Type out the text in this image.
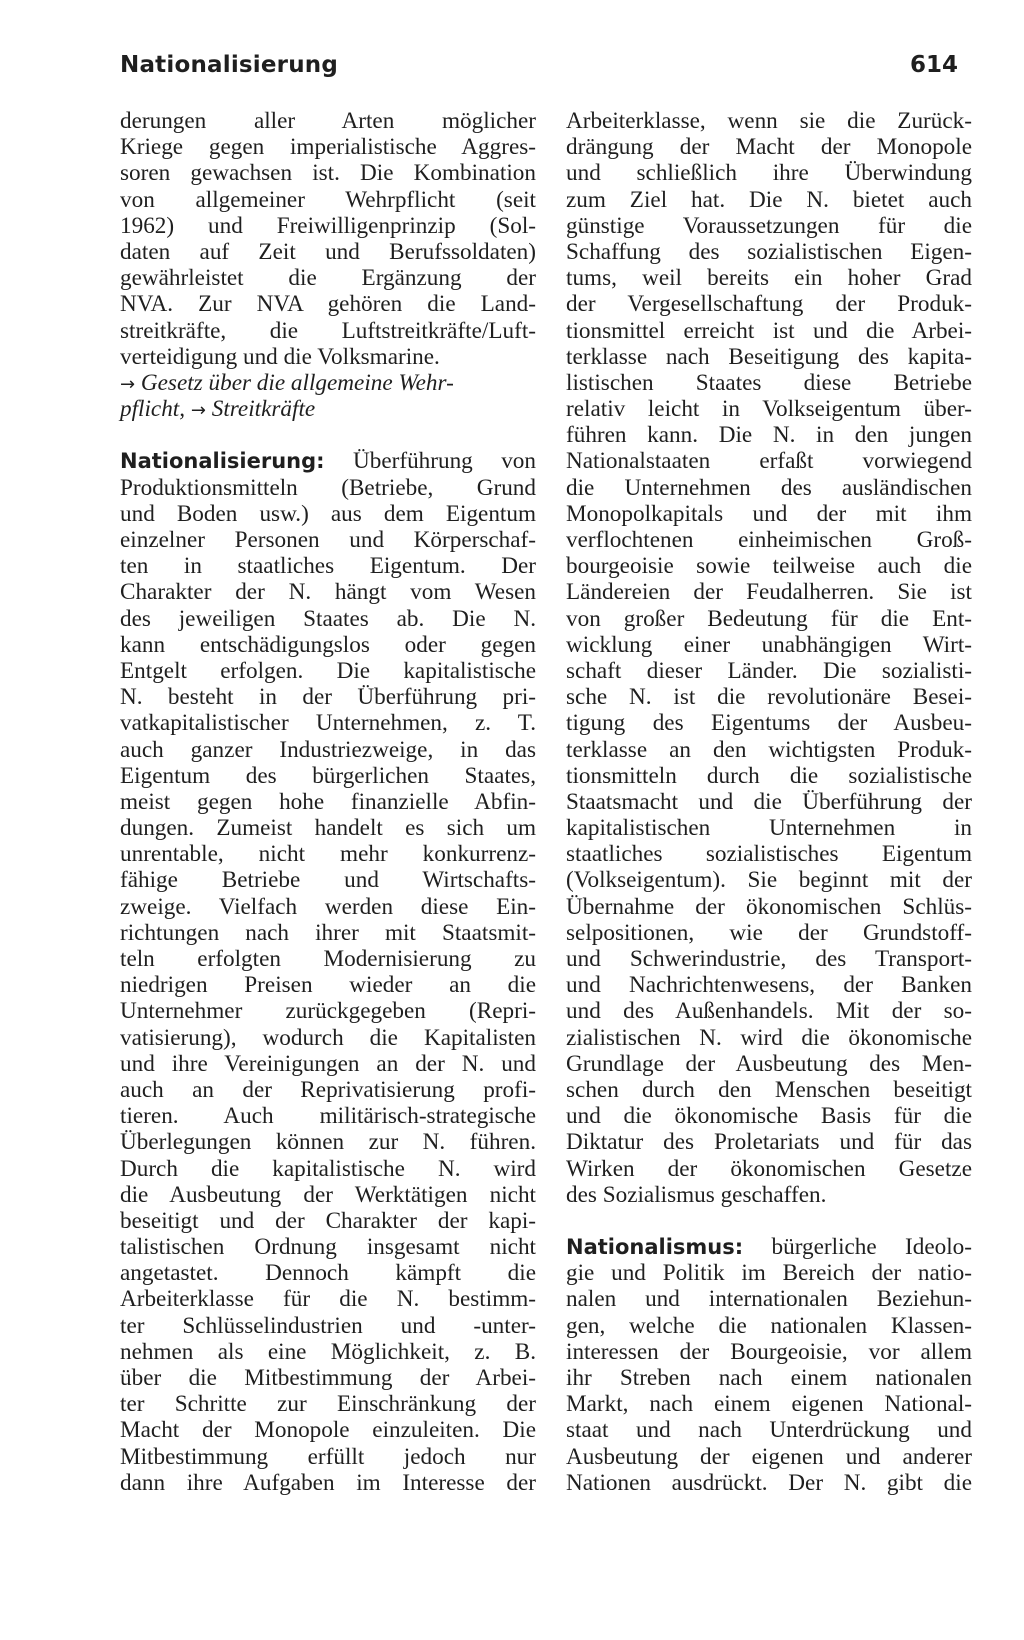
Nationalisierung	614
derungen aller Arten möglicher
Kriege gegen imperialistische Aggres-
soren gewachsen ist. Die Kombination
von allgemeiner Wehrpflicht (seit
1962) und Freiwilligenprinzip (Sol-
daten auf Zeit und Berufssoldaten)
gewährleistet die Ergänzung der
NVA. Zur NVA gehören die Land-
streitkräfte, die Luftstreitkräfte/Luft-
verteidigung und die Volksmarine.
→ Gesetz über die allgemeine Wehr-
pflicht, → Streitkräfte
Nationalisierung: Überführung von
Produktionsmitteln (Betriebe, Grund
und Boden usw.) aus dem Eigentum
einzelner Personen und Körperschaf-
ten in staatliches Eigentum. Der
Charakter der N. hängt vom Wesen
des jeweiligen Staates ab. Die N.
kann entschädigungslos oder gegen
Entgelt erfolgen. Die kapitalistische
N. besteht in der Überführung pri-
vatkapitalistischer Unternehmen, z. T.
auch ganzer Industriezweige, in das
Eigentum des bürgerlichen Staates,
meist gegen hohe finanzielle Abfin-
dungen. Zumeist handelt es sich um
unrentable, nicht mehr konkurrenz-
fähige Betriebe und Wirtschafts-
zweige. Vielfach werden diese Ein-
richtungen nach ihrer mit Staatsmit-
teln erfolgten Modernisierung zu
niedrigen Preisen wieder an die
Unternehmer zurückgegeben (Repri-
vatisierung), wodurch die Kapitalisten
und ihre Vereinigungen an der N. und
auch an der Reprivatisierung profi-
tieren. Auch militärisch-strategische
Überlegungen können zur N. führen.
Durch die kapitalistische N. wird
die Ausbeutung der Werktätigen nicht
beseitigt und der Charakter der kapi-
talistischen Ordnung insgesamt nicht
angetastet. Dennoch kämpft die
Arbeiterklasse für die N. bestimm-
ter Schlüsselindustrien und -unter-
nehmen als eine Möglichkeit, z. B.
über die Mitbestimmung der Arbei-
ter Schritte zur Einschränkung der
Macht der Monopole einzuleiten. Die
Mitbestimmung erfüllt jedoch nur
dann ihre Aufgaben im Interesse der
Arbeiterklasse, wenn sie die Zurück-
drängung der Macht der Monopole
und schließlich ihre Überwindung
zum Ziel hat. Die N. bietet auch
günstige Voraussetzungen für die
Schaffung des sozialistischen Eigen-
tums, weil bereits ein hoher Grad
der Vergesellschaftung der Produk-
tionsmittel erreicht ist und die Arbei-
terklasse nach Beseitigung des kapita-
listischen Staates diese Betriebe
relativ leicht in Volkseigentum über-
führen kann. Die N. in den jungen
Nationalstaaten erfaßt vorwiegend
die Unternehmen des ausländischen
Monopolkapitals und der mit ihm
verflochtenen einheimischen Groß-
bourgeoisie sowie teilweise auch die
Ländereien der Feudalherren. Sie ist
von großer Bedeutung für die Ent-
wicklung einer unabhängigen Wirt-
schaft dieser Länder. Die sozialisti-
sche N. ist die revolutionäre Besei-
tigung des Eigentums der Ausbeu-
terklasse an den wichtigsten Produk-
tionsmitteln durch die sozialistische
Staatsmacht und die Überführung der
kapitalistischen Unternehmen in
staatliches sozialistisches Eigentum
(Volkseigentum). Sie beginnt mit der
Übernahme der ökonomischen Schlüs-
selpositionen, wie der Grundstoff-
und Schwerindustrie, des Transport-
und Nachrichtenwesens, der Banken
und des Außenhandels. Mit der so-
zialistischen N. wird die ökonomische
Grundlage der Ausbeutung des Men-
schen durch den Menschen beseitigt
und die ökonomische Basis für die
Diktatur des Proletariats und für das
Wirken der ökonomischen Gesetze
des Sozialismus geschaffen.
Nationalismus: bürgerliche Ideolo-
gie und Politik im Bereich der natio-
nalen und internationalen Beziehun-
gen, welche die nationalen Klassen-
interessen der Bourgeoisie, vor allem
ihr Streben nach einem nationalen
Markt, nach einem eigenen National-
staat und nach Unterdrückung und
Ausbeutung der eigenen und anderer
Nationen ausdrückt. Der N. gibt die
